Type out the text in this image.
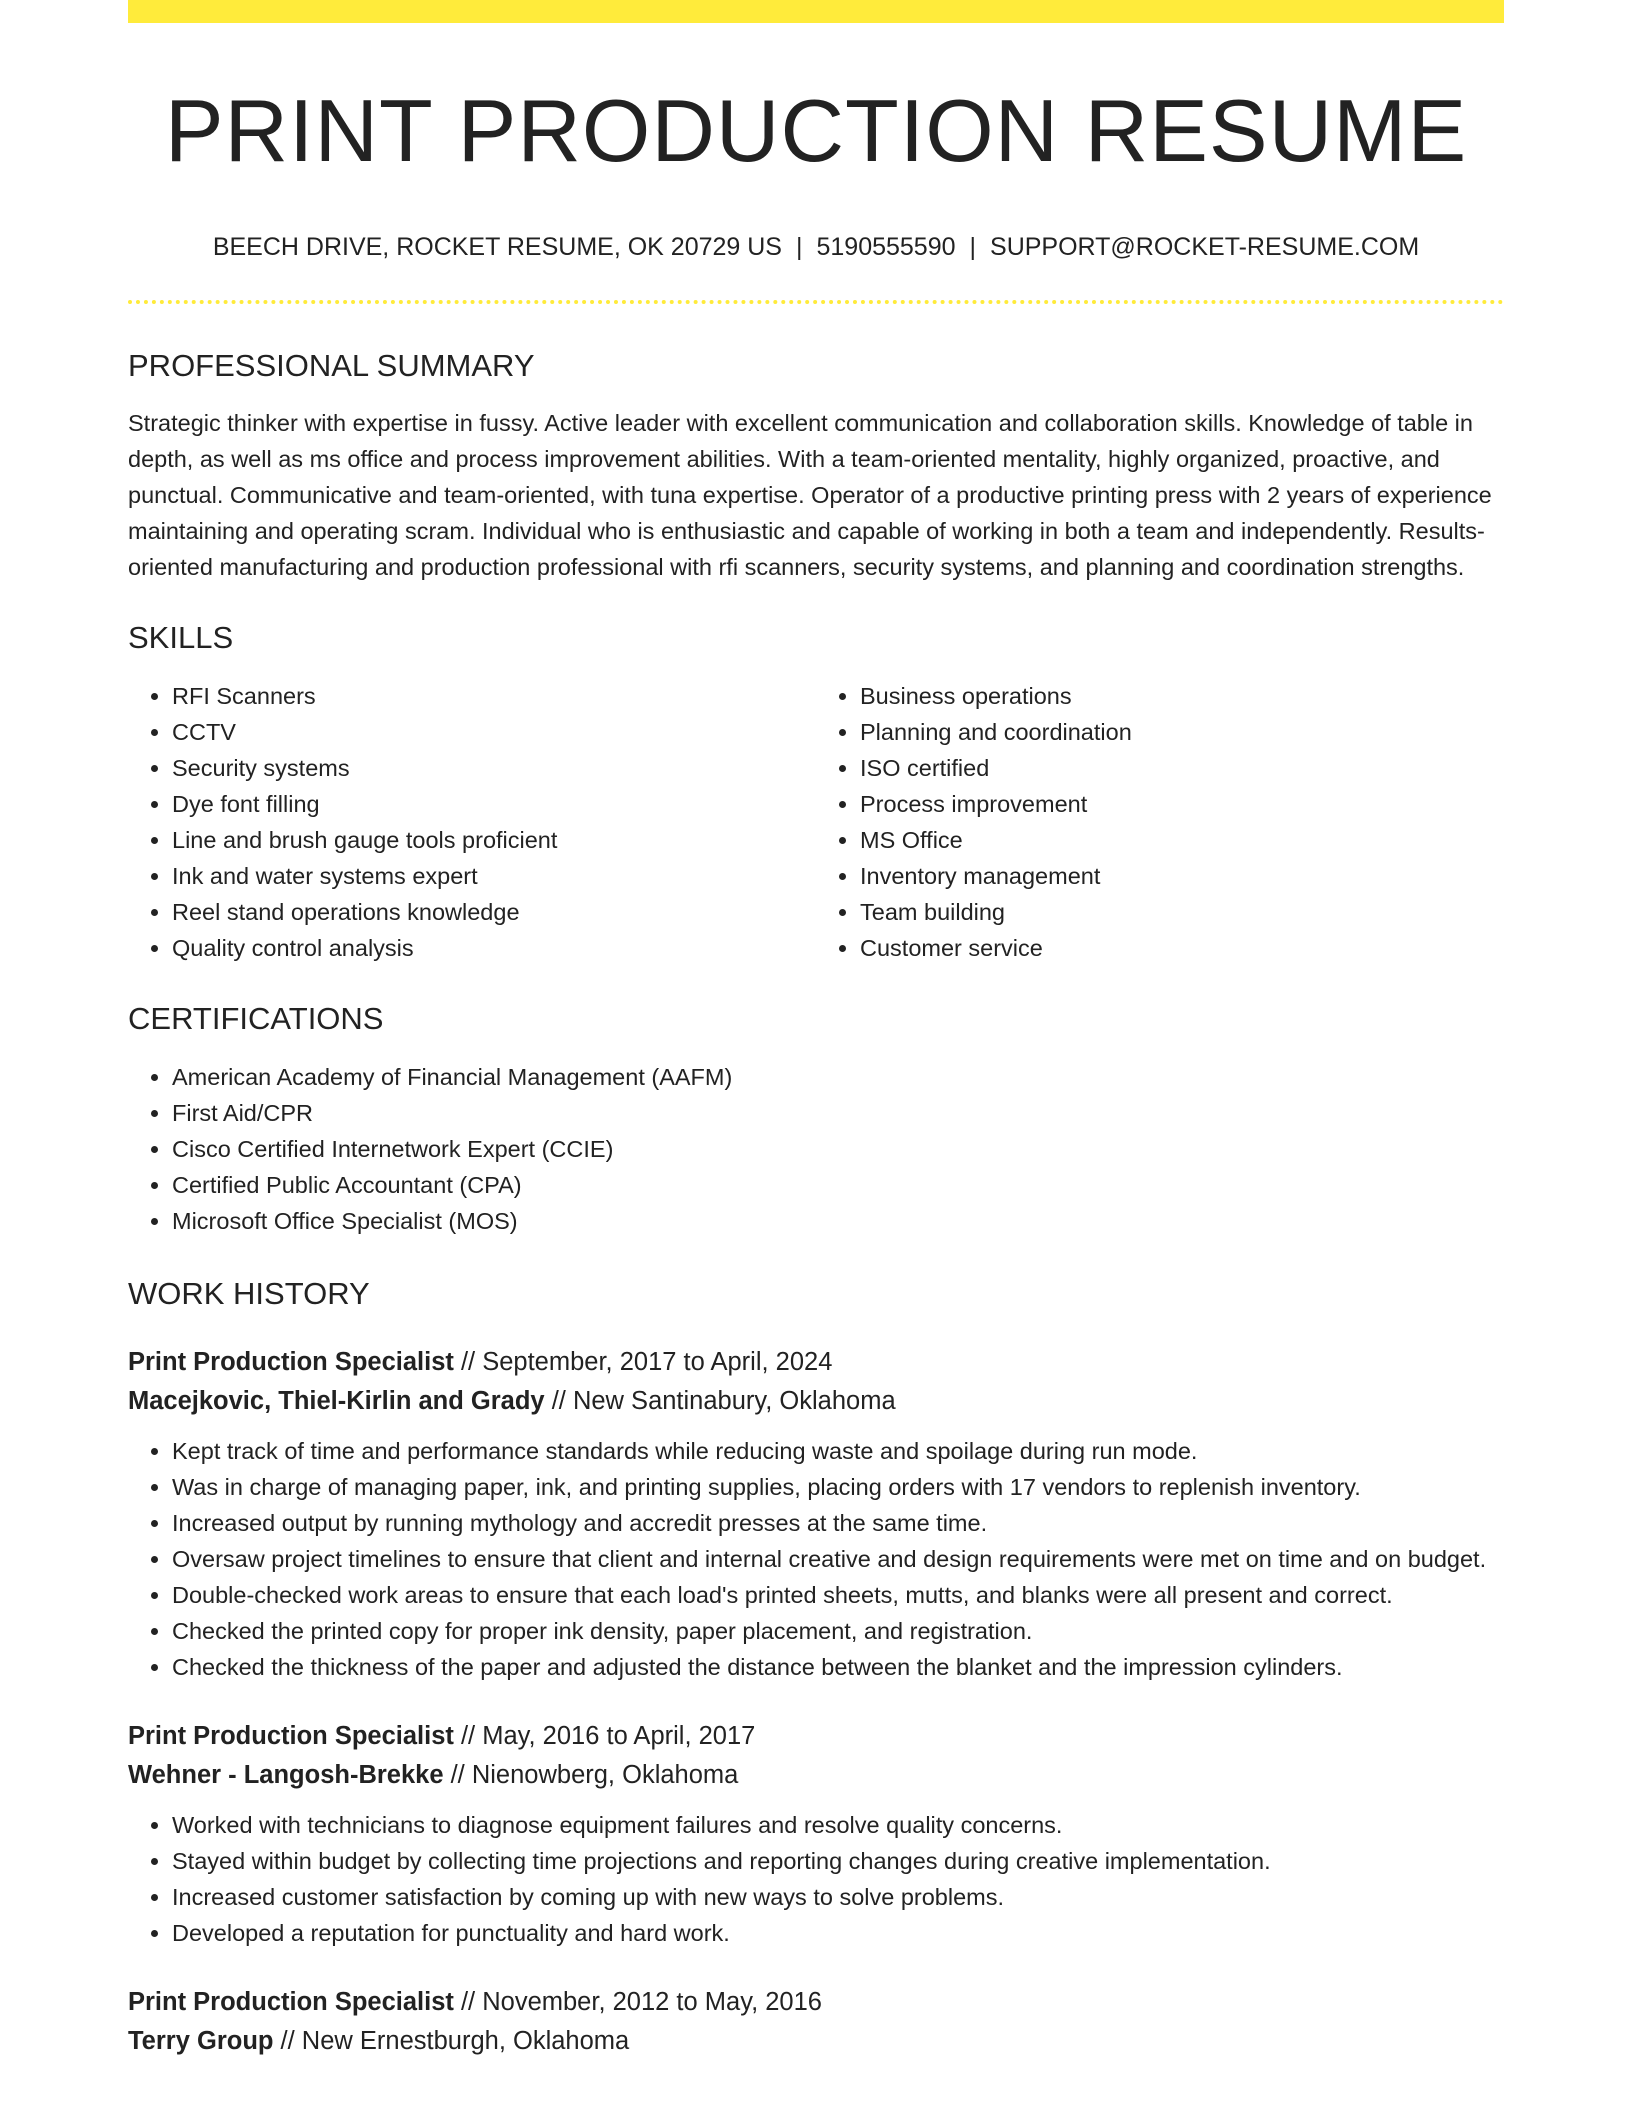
PRINT PRODUCTION RESUME
BEECH DRIVE, ROCKET RESUME, OK 20729 US | 5190555590 | SUPPORT@ROCKET-RESUME.COM
PROFESSIONAL SUMMARY

Strategic thinker with expertise in fussy. Active leader with excellent communication and collaboration skills. Knowledge of table in depth, as well as ms office and process improvement abilities. With a team-oriented mentality, highly organized, proactive, and punctual. Communicative and team-oriented, with tuna expertise. Operator of a productive printing press with 2 years of experience maintaining and operating scram. Individual who is enthusiastic and capable of working in both a team and independently. Results-oriented manufacturing and production professional with rfi scanners, security systems, and planning and coordination strengths.

SKILLS
• RFI Scanners
• CCTV
• Security systems
• Dye font filling
• Line and brush gauge tools proficient
• Ink and water systems expert
• Reel stand operations knowledge
• Quality control analysis
• Business operations
• Planning and coordination
• ISO certified
• Process improvement
• MS Office
• Inventory management
• Team building
• Customer service
CERTIFICATIONS
• American Academy of Financial Management (AAFM)
• First Aid/CPR
• Cisco Certified Internetwork Expert (CCIE)
• Certified Public Accountant (CPA)
• Microsoft Office Specialist (MOS)
WORK HISTORY
Print Production Specialist // September, 2017 to April, 2024
Macejkovic, Thiel-Kirlin and Grady // New Santinabury, Oklahoma
• Kept track of time and performance standards while reducing waste and spoilage during run mode.
• Was in charge of managing paper, ink, and printing supplies, placing orders with 17 vendors to replenish inventory.
• Increased output by running mythology and accredit presses at the same time.
• Oversaw project timelines to ensure that client and internal creative and design requirements were met on time and on budget.
• Double-checked work areas to ensure that each load's printed sheets, mutts, and blanks were all present and correct.
• Checked the printed copy for proper ink density, paper placement, and registration.
• Checked the thickness of the paper and adjusted the distance between the blanket and the impression cylinders.
Print Production Specialist // May, 2016 to April, 2017
Wehner - Langosh-Brekke // Nienowberg, Oklahoma
• Worked with technicians to diagnose equipment failures and resolve quality concerns.
• Stayed within budget by collecting time projections and reporting changes during creative implementation.
• Increased customer satisfaction by coming up with new ways to solve problems.
• Developed a reputation for punctuality and hard work.
Print Production Specialist // November, 2012 to May, 2016
Terry Group // New Ernestburgh, Oklahoma
